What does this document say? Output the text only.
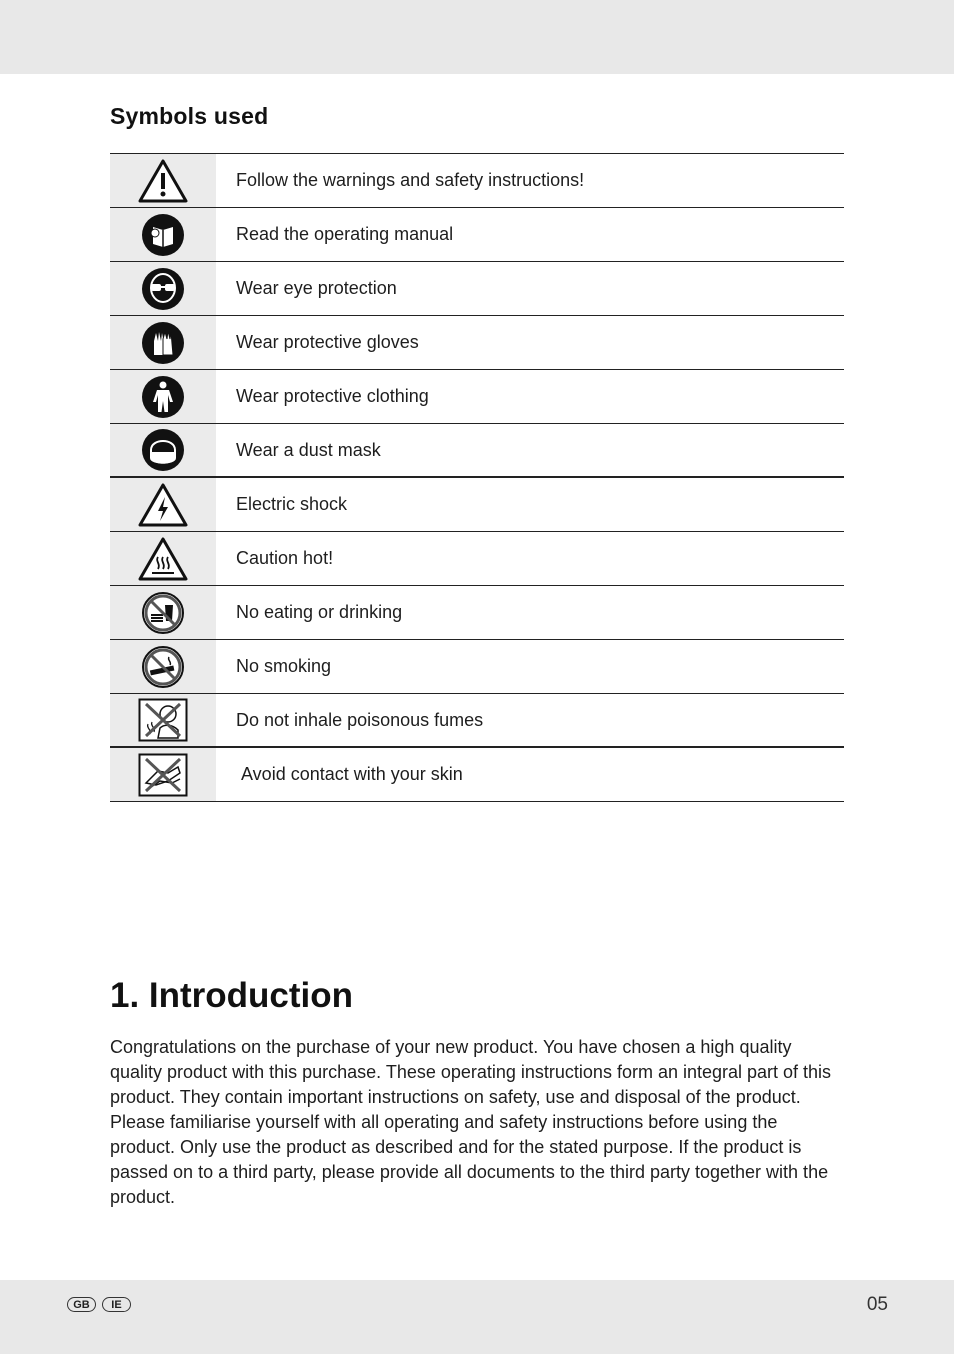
Symbols used
Follow the warnings and safety instructions!
Read the operating manual
Wear eye protection
Wear protective gloves
Wear protective clothing
Wear a dust mask
Electric shock
Caution hot!
No eating or drinking
No smoking
Do not inhale poisonous fumes
Avoid contact with your skin
1. Introduction
Congratulations on the purchase of your new product. You have chosen a high quality quality product with this purchase. These operating instructions form an integral part of this product. They contain important instructions on safety, use and disposal of the product. Please familiarise yourself with all operating and safety instructions before using the product. Only use the product as described and for the stated purpose. If the product is passed on to a third party, please provide all documents to the third party together with the product.
GB	IE	05
